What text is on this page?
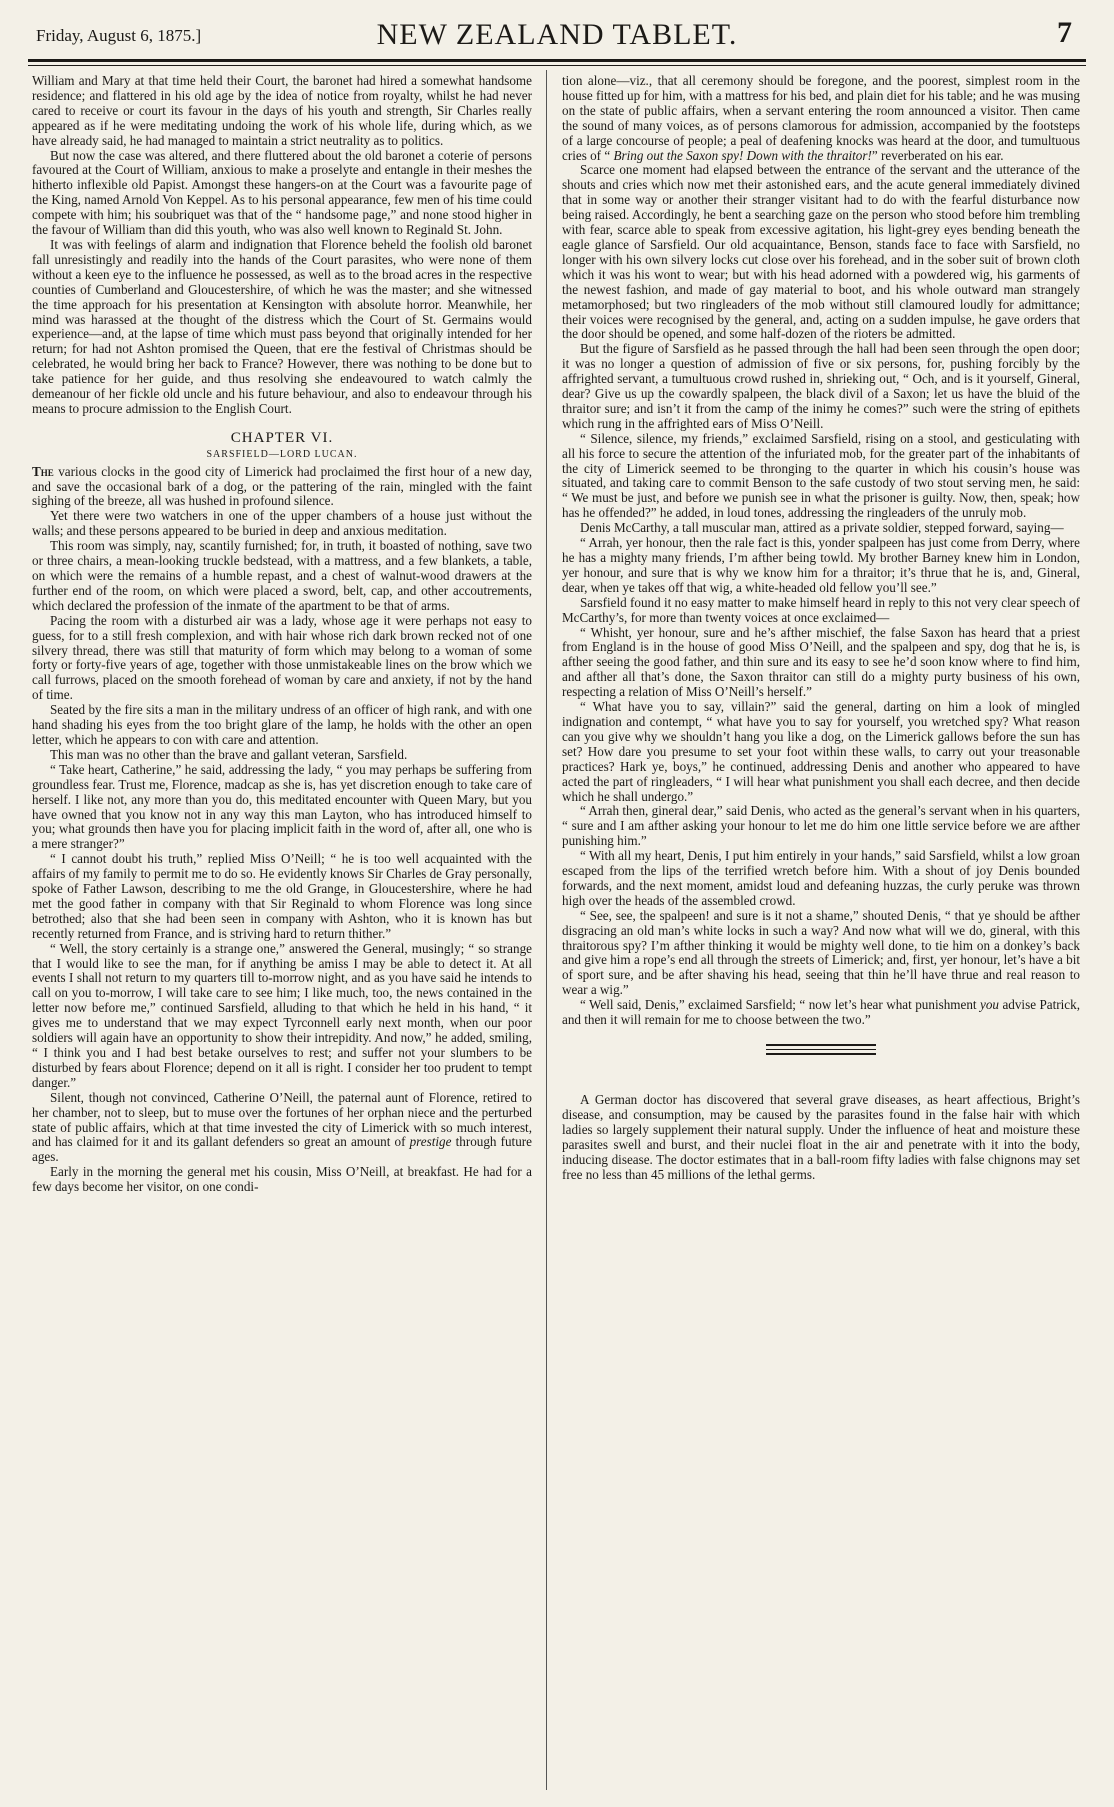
Friday, August 6, 1875.]	NEW ZEALAND TABLET.	7

William and Mary at that time held their Court, the baronet had hired a somewhat handsome residence; and flattered in his old age by the idea of notice from royalty, whilst he had never cared to receive or court its favour in the days of his youth and strength, Sir Charles really appeared as if he were meditating undoing the work of his whole life, during which, as we have already said, he had managed to maintain a strict neutrality as to politics.

But now the case was altered, and there fluttered about the old baronet a coterie of persons favoured at the Court of William, anxious to make a proselyte and entangle in their meshes the hitherto inflexible old Papist. Amongst these hangers-on at the Court was a favourite page of the King, named Arnold Von Keppel. As to his personal appearance, few men of his time could compete with him; his soubriquet was that of the “ handsome page,” and none stood higher in the favour of William than did this youth, who was also well known to Reginald St. John.

It was with feelings of alarm and indignation that Florence beheld the foolish old baronet fall unresistingly and readily into the hands of the Court parasites, who were none of them without a keen eye to the influence he possessed, as well as to the broad acres in the respective counties of Cumberland and Gloucestershire, of which he was the master; and she witnessed the time approach for his presentation at Kensington with absolute horror. Meanwhile, her mind was harassed at the thought of the distress which the Court of St. Germains would experience—and, at the lapse of time which must pass beyond that originally intended for her return; for had not Ashton promised the Queen, that ere the festival of Christmas should be celebrated, he would bring her back to France? However, there was nothing to be done but to take patience for her guide, and thus resolving she endeavoured to watch calmly the demeanour of her fickle old uncle and his future behaviour, and also to endeavour through his means to procure admission to the English Court.

CHAPTER VI.
SARSFIELD—LORD LUCAN.

The various clocks in the good city of Limerick had proclaimed the first hour of a new day, and save the occasional bark of a dog, or the pattering of the rain, mingled with the faint sighing of the breeze, all was hushed in profound silence.

Yet there were two watchers in one of the upper chambers of a house just without the walls; and these persons appeared to be buried in deep and anxious meditation.

This room was simply, nay, scantily furnished; for, in truth, it boasted of nothing, save two or three chairs, a mean-looking truckle bedstead, with a mattress, and a few blankets, a table, on which were the remains of a humble repast, and a chest of walnut-wood drawers at the further end of the room, on which were placed a sword, belt, cap, and other accoutrements, which declared the profession of the inmate of the apartment to be that of arms.

Pacing the room with a disturbed air was a lady, whose age it were perhaps not easy to guess, for to a still fresh complexion, and with hair whose rich dark brown recked not of one silvery thread, there was still that maturity of form which may belong to a woman of some forty or forty-five years of age, together with those unmistakeable lines on the brow which we call furrows, placed on the smooth forehead of woman by care and anxiety, if not by the hand of time.

Seated by the fire sits a man in the military undress of an officer of high rank, and with one hand shading his eyes from the too bright glare of the lamp, he holds with the other an open letter, which he appears to con with care and attention.

This man was no other than the brave and gallant veteran, Sarsfield.

“ Take heart, Catherine,” he said, addressing the lady, “ you may perhaps be suffering from groundless fear. Trust me, Florence, madcap as she is, has yet discretion enough to take care of herself. I like not, any more than you do, this meditated encounter with Queen Mary, but you have owned that you know not in any way this man Layton, who has introduced himself to you; what grounds then have you for placing implicit faith in the word of, after all, one who is a mere stranger?”

“ I cannot doubt his truth,” replied Miss O’Neill; “ he is too well acquainted with the affairs of my family to permit me to do so. He evidently knows Sir Charles de Gray personally, spoke of Father Lawson, describing to me the old Grange, in Gloucestershire, where he had met the good father in company with that Sir Reginald to whom Florence was long since betrothed; also that she had been seen in company with Ashton, who it is known has but recently returned from France, and is striving hard to return thither.”

“ Well, the story certainly is a strange one,” answered the General, musingly; “ so strange that I would like to see the man, for if anything be amiss I may be able to detect it. At all events I shall not return to my quarters till to-morrow night, and as you have said he intends to call on you to-morrow, I will take care to see him; I like much, too, the news contained in the letter now before me,” continued Sarsfield, alluding to that which he held in his hand, “ it gives me to understand that we may expect Tyrconnell early next month, when our poor soldiers will again have an opportunity to show their intrepidity. And now,” he added, smiling, “ I think you and I had best betake ourselves to rest; and suffer not your slumbers to be disturbed by fears about Florence; depend on it all is right. I consider her too prudent to tempt danger.”

Silent, though not convinced, Catherine O’Neill, the paternal aunt of Florence, retired to her chamber, not to sleep, but to muse over the fortunes of her orphan niece and the perturbed state of public affairs, which at that time invested the city of Limerick with so much interest, and has claimed for it and its gallant defenders so great an amount of prestige through future ages.

Early in the morning the general met his cousin, Miss O’Neill, at breakfast. He had for a few days become her visitor, on one condi-

tion alone—viz., that all ceremony should be foregone, and the poorest, simplest room in the house fitted up for him, with a mattress for his bed, and plain diet for his table; and he was musing on the state of public affairs, when a servant entering the room announced a visitor. Then came the sound of many voices, as of persons clamorous for admission, accompanied by the footsteps of a large concourse of people; a peal of deafening knocks was heard at the door, and tumultuous cries of “ Bring out the Saxon spy! Down with the thraitor!” reverberated on his ear.

Scarce one moment had elapsed between the entrance of the servant and the utterance of the shouts and cries which now met their astonished ears, and the acute general immediately divined that in some way or another their stranger visitant had to do with the fearful disturbance now being raised. Accordingly, he bent a searching gaze on the person who stood before him trembling with fear, scarce able to speak from excessive agitation, his light-grey eyes bending beneath the eagle glance of Sarsfield. Our old acquaintance, Benson, stands face to face with Sarsfield, no longer with his own silvery locks cut close over his forehead, and in the sober suit of brown cloth which it was his wont to wear; but with his head adorned with a powdered wig, his garments of the newest fashion, and made of gay material to boot, and his whole outward man strangely metamorphosed; but two ringleaders of the mob without still clamoured loudly for admittance; their voices were recognised by the general, and, acting on a sudden impulse, he gave orders that the door should be opened, and some half-dozen of the rioters be admitted.

But the figure of Sarsfield as he passed through the hall had been seen through the open door; it was no longer a question of admission of five or six persons, for, pushing forcibly by the affrighted servant, a tumultuous crowd rushed in, shrieking out, “ Och, and is it yourself, Gineral, dear? Give us up the cowardly spalpeen, the black divil of a Saxon; let us have the bluid of the thraitor sure; and isn’t it from the camp of the inimy he comes?” such were the string of epithets which rung in the affrighted ears of Miss O’Neill.

“ Silence, silence, my friends,” exclaimed Sarsfield, rising on a stool, and gesticulating with all his force to secure the attention of the infuriated mob, for the greater part of the inhabitants of the city of Limerick seemed to be thronging to the quarter in which his cousin’s house was situated, and taking care to commit Benson to the safe custody of two stout serving men, he said: “ We must be just, and before we punish see in what the prisoner is guilty. Now, then, speak; how has he offended?” he added, in loud tones, addressing the ringleaders of the unruly mob.

Denis McCarthy, a tall muscular man, attired as a private soldier, stepped forward, saying—

“ Arrah, yer honour, then the rale fact is this, yonder spalpeen has just come from Derry, where he has a mighty many friends, I’m afther being towld. My brother Barney knew him in London, yer honour, and sure that is why we know him for a thraitor; it’s thrue that he is, and, Gineral, dear, when ye takes off that wig, a white-headed old fellow you’ll see.”

Sarsfield found it no easy matter to make himself heard in reply to this not very clear speech of McCarthy’s, for more than twenty voices at once exclaimed—

“ Whisht, yer honour, sure and he’s afther mischief, the false Saxon has heard that a priest from England is in the house of good Miss O’Neill, and the spalpeen and spy, dog that he is, is afther seeing the good father, and thin sure and its easy to see he’d soon know where to find him, and afther all that’s done, the Saxon thraitor can still do a mighty purty business of his own, respecting a relation of Miss O’Neill’s herself.”

“ What have you to say, villain?” said the general, darting on him a look of mingled indignation and contempt, “ what have you to say for yourself, you wretched spy? What reason can you give why we shouldn’t hang you like a dog, on the Limerick gallows before the sun has set? How dare you presume to set your foot within these walls, to carry out your treasonable practices? Hark ye, boys,” he continued, addressing Denis and another who appeared to have acted the part of ringleaders, “ I will hear what punishment you shall each decree, and then decide which he shall undergo.”

“ Arrah then, gineral dear,” said Denis, who acted as the general’s servant when in his quarters, “ sure and I am afther asking your honour to let me do him one little service before we are afther punishing him.”

“ With all my heart, Denis, I put him entirely in your hands,” said Sarsfield, whilst a low groan escaped from the lips of the terrified wretch before him. With a shout of joy Denis bounded forwards, and the next moment, amidst loud and defeaning huzzas, the curly peruke was thrown high over the heads of the assembled crowd.

“ See, see, the spalpeen! and sure is it not a shame,” shouted Denis, “ that ye should be afther disgracing an old man’s white locks in such a way? And now what will we do, gineral, with this thraitorous spy? I’m afther thinking it would be mighty well done, to tie him on a donkey’s back and give him a rope’s end all through the streets of Limerick; and, first, yer honour, let’s have a bit of sport sure, and be after shaving his head, seeing that thin he’ll have thrue and real reason to wear a wig.”

“ Well said, Denis,” exclaimed Sarsfield; “ now let’s hear what punishment you advise Patrick, and then it will remain for me to choose between the two.”

A German doctor has discovered that several grave diseases, as heart affectious, Bright’s disease, and consumption, may be caused by the parasites found in the false hair with which ladies so largely supplement their natural supply. Under the influence of heat and moisture these parasites swell and burst, and their nuclei float in the air and penetrate with it into the body, inducing disease. The doctor estimates that in a ball-room fifty ladies with false chignons may set free no less than 45 millions of the lethal germs.
